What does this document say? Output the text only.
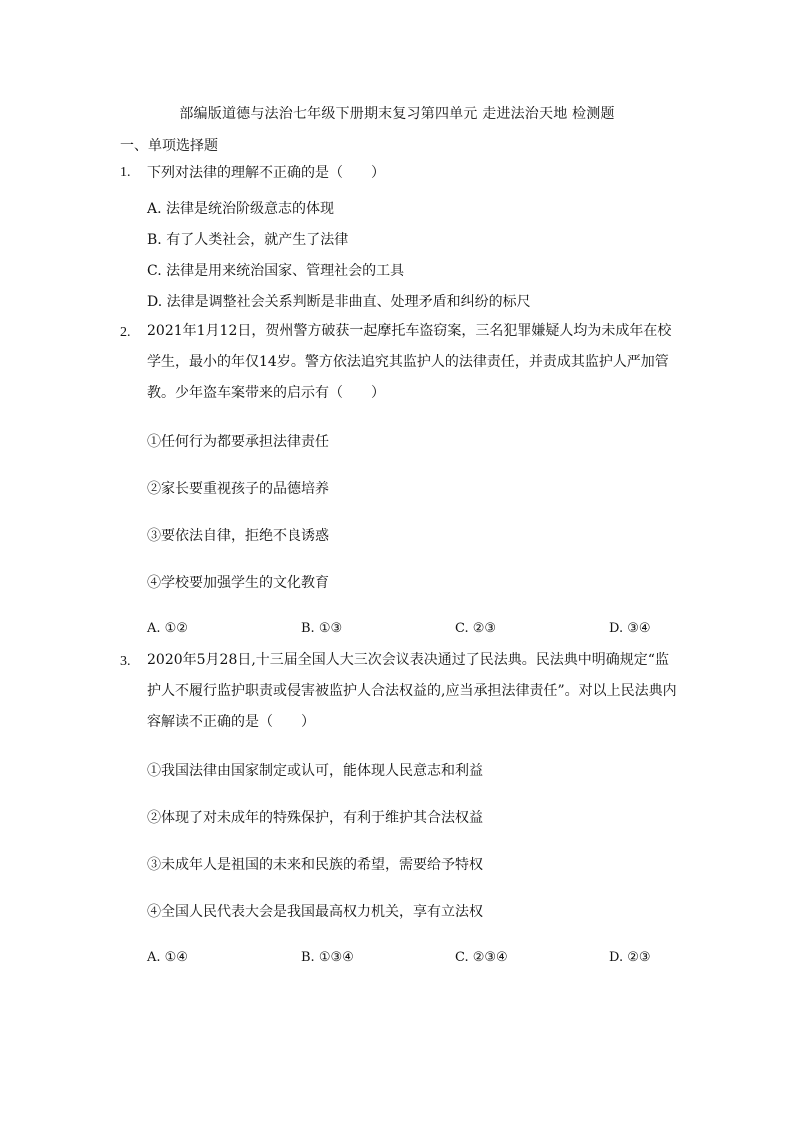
部编版道德与法治七年级下册期末复习第四单元 走进法治天地 检测题
一、单项选择题
1. 下列对法律的理解不正确的是（　　）
A. 法律是统治阶级意志的体现
B. 有了人类社会，就产生了法律
C. 法律是用来统治国家、管理社会的工具
D. 法律是调整社会关系判断是非曲直、处理矛盾和纠纷的标尺
2. 2021年1月12日，贺州警方破获一起摩托车盗窃案，三名犯罪嫌疑人均为未成年在校学生，最小的年仅14岁。警方依法追究其监护人的法律责任，并责成其监护人严加管教。少年盗车案带来的启示有（　　）
①任何行为都要承担法律责任
②家长要重视孩子的品德培养
③要依法自律，拒绝不良诱惑
④学校要加强学生的文化教育
A. ①②	B. ①③	C. ②③	D. ③④
3. 2020年5月28日,十三届全国人大三次会议表决通过了民法典。民法典中明确规定“监护人不履行监护职责或侵害被监护人合法权益的,应当承担法律责任”。对以上民法典内容解读不正确的是（　　）
①我国法律由国家制定或认可，能体现人民意志和利益
②体现了对未成年的特殊保护，有利于维护其合法权益
③未成年人是祖国的未来和民族的希望，需要给予特权
④全国人民代表大会是我国最高权力机关，享有立法权
A. ①④	B. ①③④	C. ②③④	D. ②③
